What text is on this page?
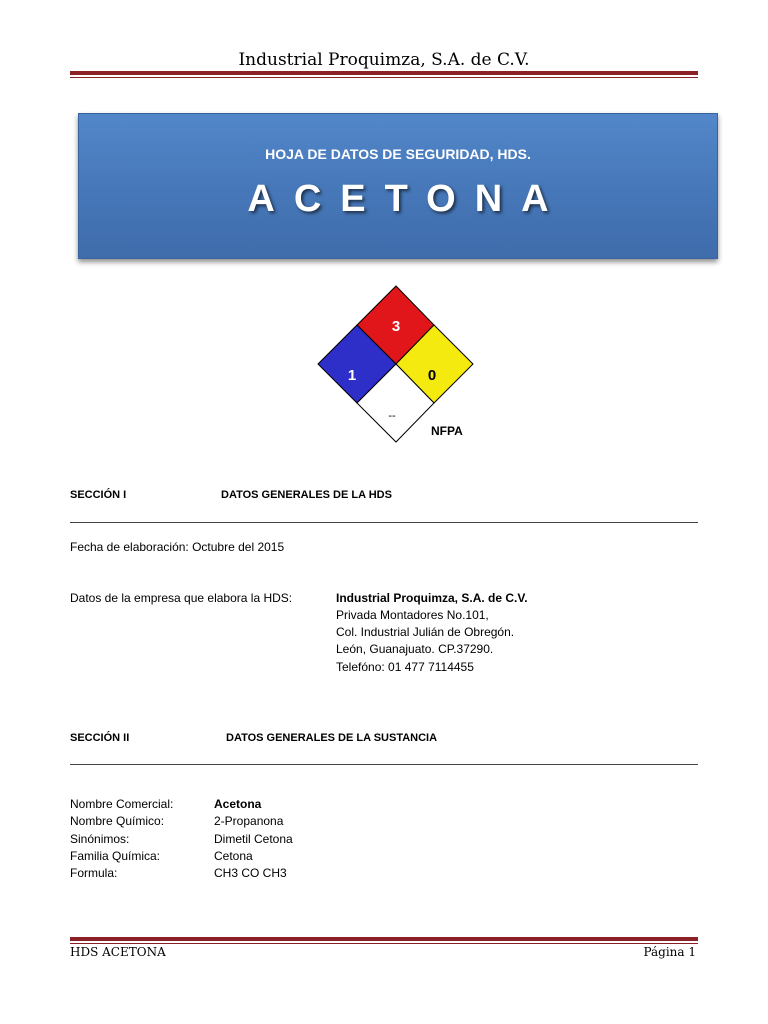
Industrial Proquimza, S.A. de C.V.
HOJA DE DATOS DE SEGURIDAD, HDS.
ACETONA
3
1	0
--
NFPA
SECCIÓN I	DATOS GENERALES DE LA HDS
Fecha de elaboración: Octubre del 2015
Datos de la empresa que elabora la HDS:	Industrial Proquimza, S.A. de C.V.
Privada Montadores No.101,
Col. Industrial Julián de Obregón.
León, Guanajuato. CP.37290.
Telefóno: 01 477 7114455
SECCIÓN II	DATOS GENERALES DE LA SUSTANCIA
Nombre Comercial:	Acetona
Nombre Químico:	2-Propanona
Sinónimos:	Dimetil Cetona
Familia Química:	Cetona
Formula:	CH3 CO CH3
HDS ACETONA	Página 1
